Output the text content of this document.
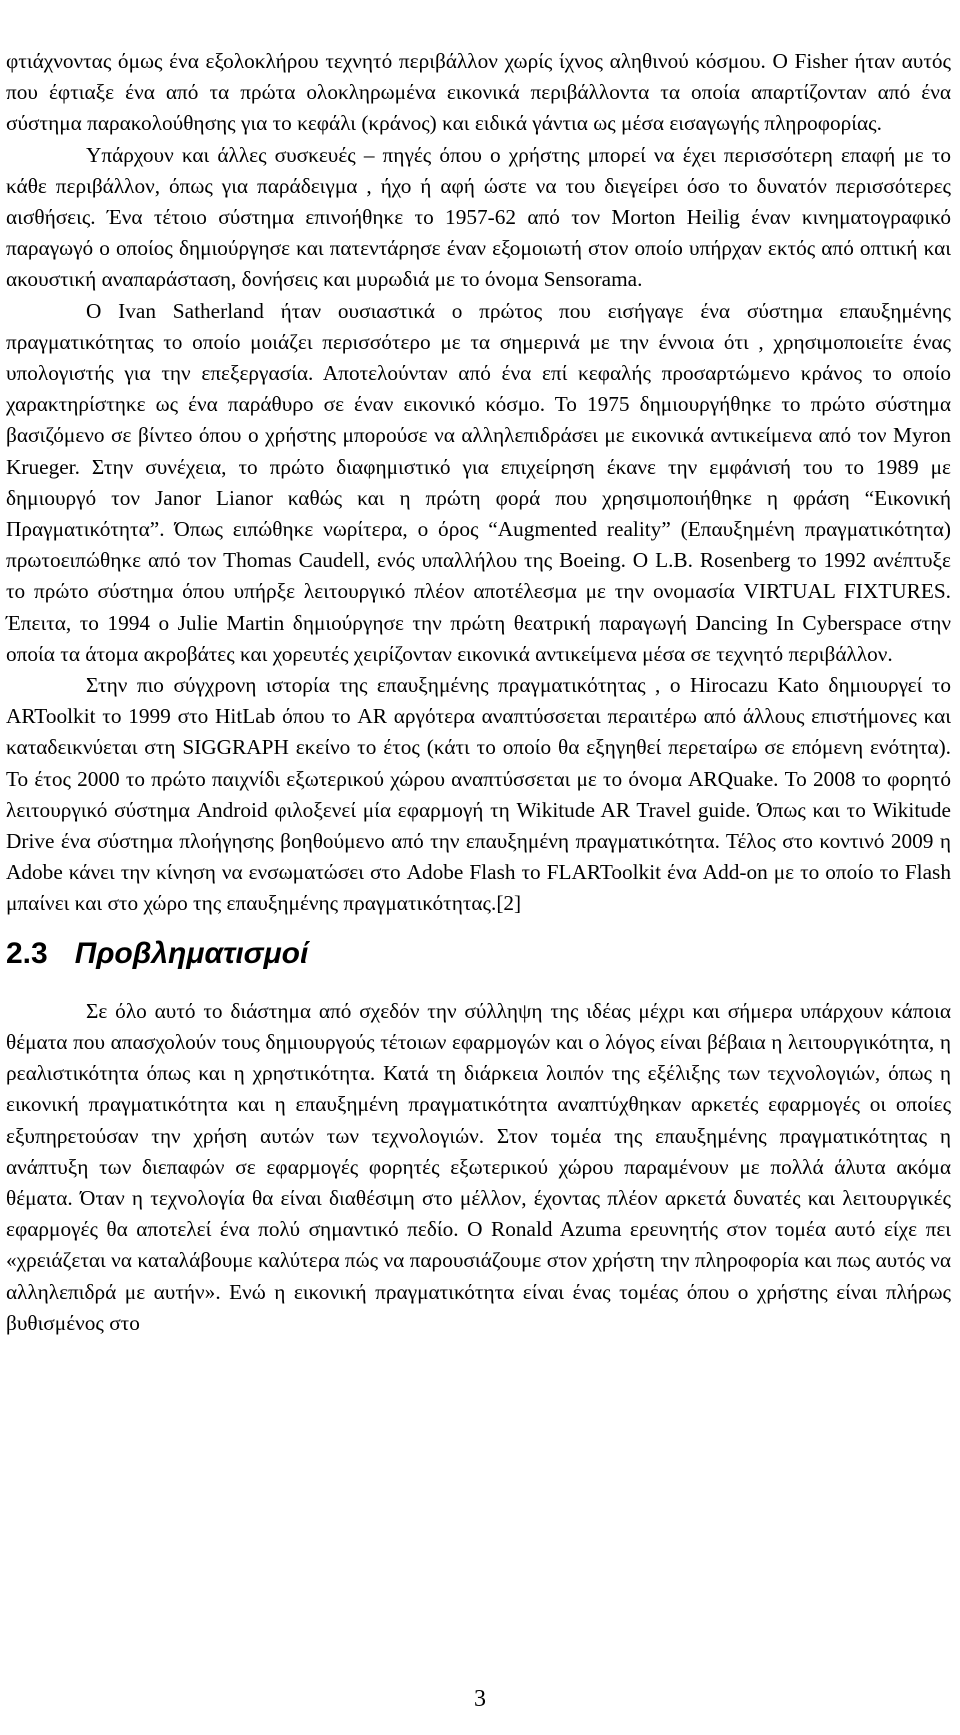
φτιάχνοντας όμως ένα εξολοκλήρου τεχνητό περιβάλλον χωρίς ίχνος αληθινού κόσμου. Ο Fisher ήταν αυτός που έφτιαξε ένα από τα πρώτα ολοκληρωμένα εικονικά περιβάλλοντα τα οποία απαρτίζονταν από ένα σύστημα παρακολούθησης για το κεφάλι (κράνος) και ειδικά γάντια ως μέσα εισαγωγής πληροφορίας.

Υπάρχουν και άλλες συσκευές – πηγές όπου ο χρήστης μπορεί να έχει περισσότερη επαφή με το κάθε περιβάλλον, όπως για παράδειγμα , ήχο ή αφή ώστε να του διεγείρει όσο το δυνατόν περισσότερες αισθήσεις. Ένα τέτοιο σύστημα επινοήθηκε το 1957-62 από τον Morton Heilig έναν κινηματογραφικό παραγωγό ο οποίος δημιούργησε και πατεντάρησε έναν εξομοιωτή στον οποίο υπήρχαν εκτός από οπτική και ακουστική αναπαράσταση, δονήσεις και μυρωδιά με το όνομα Sensorama.

Ο Ivan Satherland ήταν ουσιαστικά ο πρώτος που εισήγαγε ένα σύστημα επαυξημένης πραγματικότητας το οποίο μοιάζει περισσότερο με τα σημερινά με την έννοια ότι , χρησιμοποιείτε ένας υπολογιστής για την επεξεργασία. Αποτελούνταν από ένα επί κεφαλής προσαρτώμενο κράνος το οποίο χαρακτηρίστηκε ως ένα παράθυρο σε έναν εικονικό κόσμο. Το 1975 δημιουργήθηκε το πρώτο σύστημα βασιζόμενο σε βίντεο όπου ο χρήστης μπορούσε να αλληλεπιδράσει με εικονικά αντικείμενα από τον Myron Krueger. Στην συνέχεια, το πρώτο διαφημιστικό για επιχείρηση έκανε την εμφάνισή του το 1989 με δημιουργό τον Janor Lianor καθώς και η πρώτη φορά που χρησιμοποιήθηκε η φράση “Εικονική Πραγματικότητα”. Όπως ειπώθηκε νωρίτερα, ο όρος “Augmented reality” (Επαυξημένη πραγματικότητα) πρωτοειπώθηκε από τον Thomas Caudell, ενός υπαλλήλου της Boeing. Ο L.B. Rosenberg το 1992 ανέπτυξε το πρώτο σύστημα όπου υπήρξε λειτουργικό πλέον αποτέλεσμα με την ονομασία VIRTUAL FIXTURES. Έπειτα, το 1994 ο Julie Martin δημιούργησε την πρώτη θεατρική παραγωγή Dancing In Cyberspace στην οποία τα άτομα ακροβάτες και χορευτές χειρίζονταν εικονικά αντικείμενα μέσα σε τεχνητό περιβάλλον.

Στην πιο σύγχρονη ιστορία της επαυξημένης πραγματικότητας , ο Hirocazu Kato δημιουργεί το ARToolkit το 1999 στο HitLab όπου το AR αργότερα αναπτύσσεται περαιτέρω από άλλους επιστήμονες και καταδεικνύεται στη SIGGRAPH εκείνο το έτος (κάτι το οποίο θα εξηγηθεί περεταίρω σε επόμενη ενότητα). Το έτος 2000 το πρώτο παιχνίδι εξωτερικού χώρου αναπτύσσεται με το όνομα ARQuake. Το 2008 το φορητό λειτουργικό σύστημα Android φιλοξενεί μία εφαρμογή τη Wikitude AR Travel guide. Όπως και το Wikitude Drive ένα σύστημα πλοήγησης βοηθούμενο από την επαυξημένη πραγματικότητα. Τέλος στο κοντινό 2009 η Adobe κάνει την κίνηση να ενσωματώσει στο Adobe Flash το FLARToolkit ένα Add-on με το οποίο το Flash μπαίνει και στο χώρο της επαυξημένης πραγματικότητας.[2]

2.3 Προβληματισμοί

Σε όλο αυτό το διάστημα από σχεδόν την σύλληψη της ιδέας μέχρι και σήμερα υπάρχουν κάποια θέματα που απασχολούν τους δημιουργούς τέτοιων εφαρμογών και ο λόγος είναι βέβαια η λειτουργικότητα, η ρεαλιστικότητα όπως και η χρηστικότητα. Κατά τη διάρκεια λοιπόν της εξέλιξης των τεχνολογιών, όπως η εικονική πραγματικότητα και η επαυξημένη πραγματικότητα αναπτύχθηκαν αρκετές εφαρμογές οι οποίες εξυπηρετούσαν την χρήση αυτών των τεχνολογιών. Στον τομέα της επαυξημένης πραγματικότητας η ανάπτυξη των διεπαφών σε εφαρμογές φορητές εξωτερικού χώρου παραμένουν με πολλά άλυτα ακόμα θέματα. Όταν η τεχνολογία θα είναι διαθέσιμη στο μέλλον, έχοντας πλέον αρκετά δυνατές και λειτουργικές εφαρμογές θα αποτελεί ένα πολύ σημαντικό πεδίο. Ο Ronald Azuma ερευνητής στον τομέα αυτό είχε πει «χρειάζεται να καταλάβουμε καλύτερα πώς να παρουσιάζουμε στον χρήστη την πληροφορία και πως αυτός να αλληλεπιδρά με αυτήν». Ενώ η εικονική πραγματικότητα είναι ένας τομέας όπου ο χρήστης είναι πλήρως βυθισμένος στο

3
